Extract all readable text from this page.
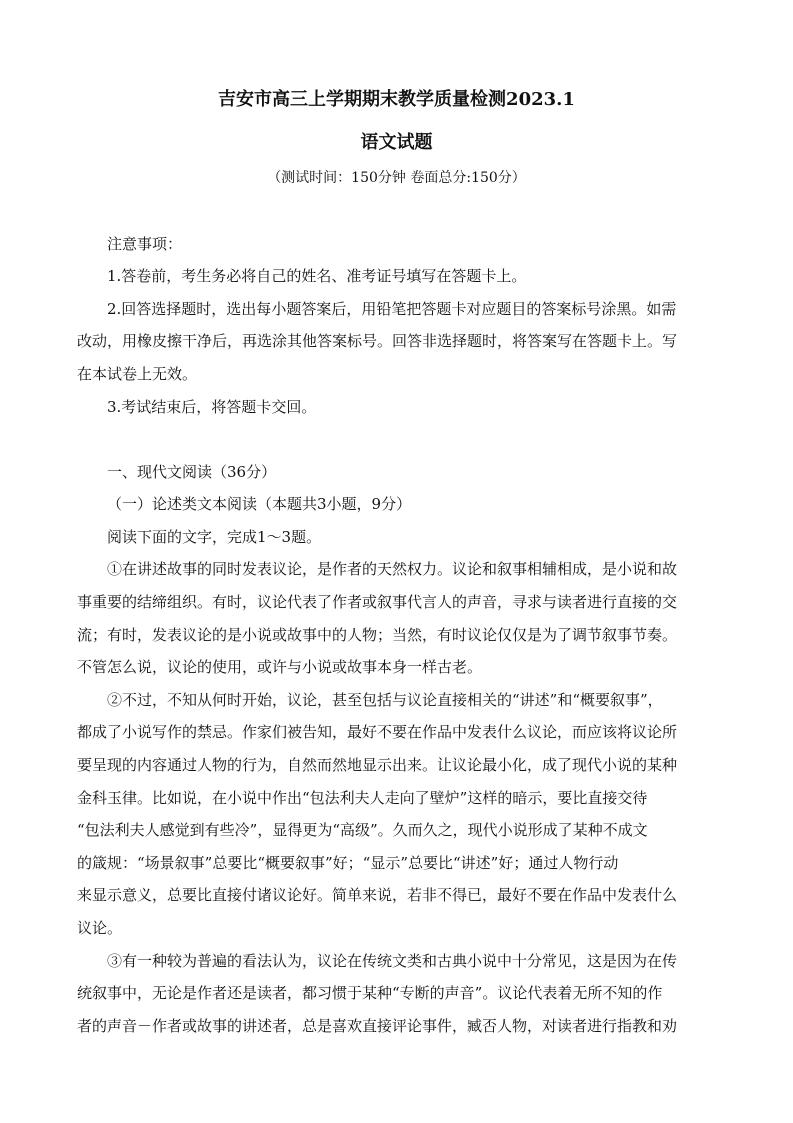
吉安市高三上学期期末教学质量检测2023.1
语文试题
（测试时间：150分钟 卷面总分:150分）
注意事项：
1.答卷前，考生务必将自己的姓名、准考证号填写在答题卡上。
2.回答选择题时，选出每小题答案后，用铅笔把答题卡对应题目的答案标号涂黑。如需
改动，用橡皮擦干净后，再选涂其他答案标号。回答非选择题时，将答案写在答题卡上。写
在本试卷上无效。
3.考试结束后，将答题卡交回。
一、现代文阅读（36分）
（一）论述类文本阅读（本题共3小题，9分）
阅读下面的文字，完成1～3题。
①在讲述故事的同时发表议论，是作者的天然权力。议论和叙事相辅相成，是小说和故
事重要的结缔组织。有时，议论代表了作者或叙事代言人的声音，寻求与读者进行直接的交
流；有时，发表议论的是小说或故事中的人物；当然，有时议论仅仅是为了调节叙事节奏。
不管怎么说，议论的使用，或许与小说或故事本身一样古老。
②不过，不知从何时开始，议论，甚至包括与议论直接相关的“讲述”和“概要叙事”，
都成了小说写作的禁忌。作家们被告知，最好不要在作品中发表什么议论，而应该将议论所
要呈现的内容通过人物的行为，自然而然地显示出来。让议论最小化，成了现代小说的某种
金科玉律。比如说，在小说中作出“包法利夫人走向了壁炉”这样的暗示，要比直接交待
“包法利夫人感觉到有些冷”，显得更为“高级”。久而久之，现代小说形成了某种不成文
的箴规：“场景叙事”总要比“概要叙事”好；“显示”总要比“讲述”好；通过人物行动
来显示意义，总要比直接付诸议论好。简单来说，若非不得已，最好不要在作品中发表什么
议论。
③有一种较为普遍的看法认为，议论在传统文类和古典小说中十分常见，这是因为在传
统叙事中，无论是作者还是读者，都习惯于某种“专断的声音”。议论代表着无所不知的作
者的声音－作者或故事的讲述者，总是喜欢直接评论事件，臧否人物，对读者进行指教和劝
